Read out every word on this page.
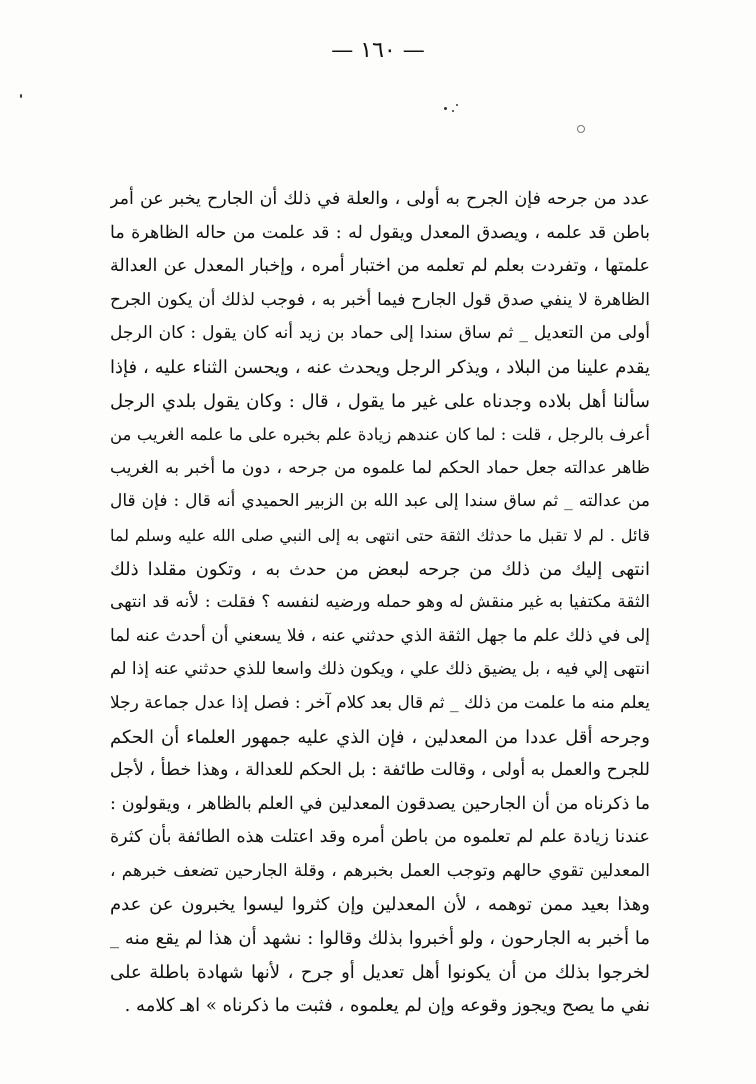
— ١٦٠ —
عدد من جرحه فإن الجرح به أولى ، والعلة في ذلك أن الجارح يخبر عن أمر
باطن قد علمه ، ويصدق المعدل ويقول له : قد علمت من حاله الظاهرة ما
علمتها ، وتفردت بعلم لم تعلمه من اختبار أمره ، وإخبار المعدل عن العدالة
الظاهرة لا ينفي صدق قول الجارح فيما أخبر به ، فوجب لذلك أن يكون الجرح
أولى من التعديل _ ثم ساق سندا إلى حماد بن زيد أنه كان يقول : كان الرجل
يقدم علينا من البلاد ، ويذكر الرجل ويحدث عنه ، ويحسن الثناء عليه ، فإذا
سألنا أهل بلاده وجدناه على غير ما يقول ، قال : وكان يقول بلدي الرجل
أعرف بالرجل ، قلت : لما كان عندهم زيادة علم بخبره على ما علمه الغريب من
ظاهر عدالته جعل حماد الحكم لما علموه من جرحه ، دون ما أخبر به الغريب
من عدالته _ ثم ساق سندا إلى عبد الله بن الزبير الحميدي أنه قال : فإن قال
قائل . لم لا تقبل ما حدثك الثقة حتى انتهى به إلى النبي صلى الله عليه وسلم لما
انتهى إليك من ذلك من جرحه لبعض من حدث به ، وتكون مقلدا ذلك
الثقة مكتفيا به غير منقش له وهو حمله ورضيه لنفسه ؟ فقلت : لأنه قد انتهى
إلى في ذلك علم ما جهل الثقة الذي حدثني عنه ، فلا يسعني أن أحدث عنه لما
انتهى إلي فيه ، بل يضيق ذلك علي ، ويكون ذلك واسعا للذي حدثني عنه إذا لم
يعلم منه ما علمت من ذلك _ ثم قال بعد كلام آخر : فصل إذا عدل جماعة رجلا
وجرحه أقل عددا من المعدلين ، فإن الذي عليه جمهور العلماء أن الحكم
للجرح والعمل به أولى ، وقالت طائفة : بل الحكم للعدالة ، وهذا خطأ ، لأجل
ما ذكرناه من أن الجارحين يصدقون المعدلين في العلم بالظاهر ، ويقولون :
عندنا زيادة علم لم تعلموه من باطن أمره وقد اعتلت هذه الطائفة بأن كثرة
المعدلين تقوي حالهم وتوجب العمل بخبرهم ، وقلة الجارحين تضعف خبرهم ،
وهذا بعيد ممن توهمه ، لأن المعدلين وإن كثروا ليسوا يخبرون عن عدم
ما أخبر به الجارحون ، ولو أخبروا بذلك وقالوا : نشهد أن هذا لم يقع منه _
لخرجوا بذلك من أن يكونوا أهل تعديل أو جرح ، لأنها شهادة باطلة على
نفي ما يصح ويجوز وقوعه وإن لم يعلموه ، فثبت ما ذكرناه » اهـ كلامه .
